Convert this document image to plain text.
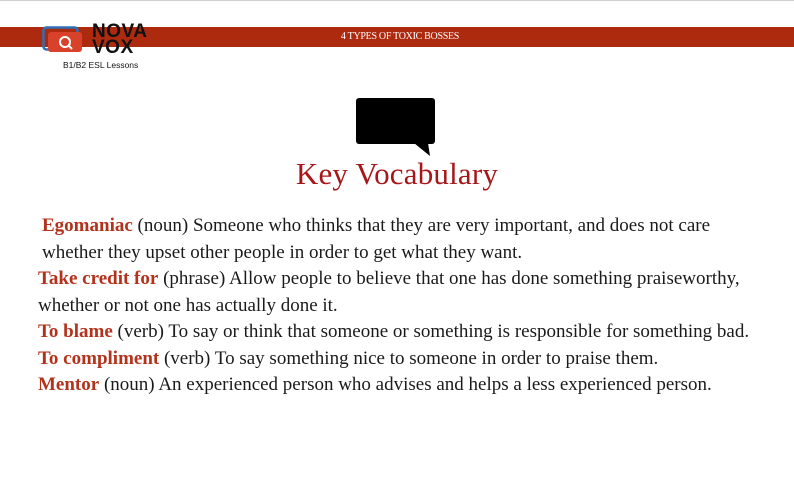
4 TYPES OF TOXIC BOSSES
NOVA
VOX
B1/B2 ESL Lessons
Key Vocabulary

Egomaniac (noun) Someone who thinks that they are very important, and does not care whether they upset other people in order to get what they want.

Take credit for (phrase) Allow people to believe that one has done something praiseworthy, whether or not one has actually done it.

To blame (verb) To say or think that someone or something is responsible for something bad.

To compliment (verb) To say something nice to someone in order to praise them.

Mentor (noun) An experienced person who advises and helps a less experienced person.
